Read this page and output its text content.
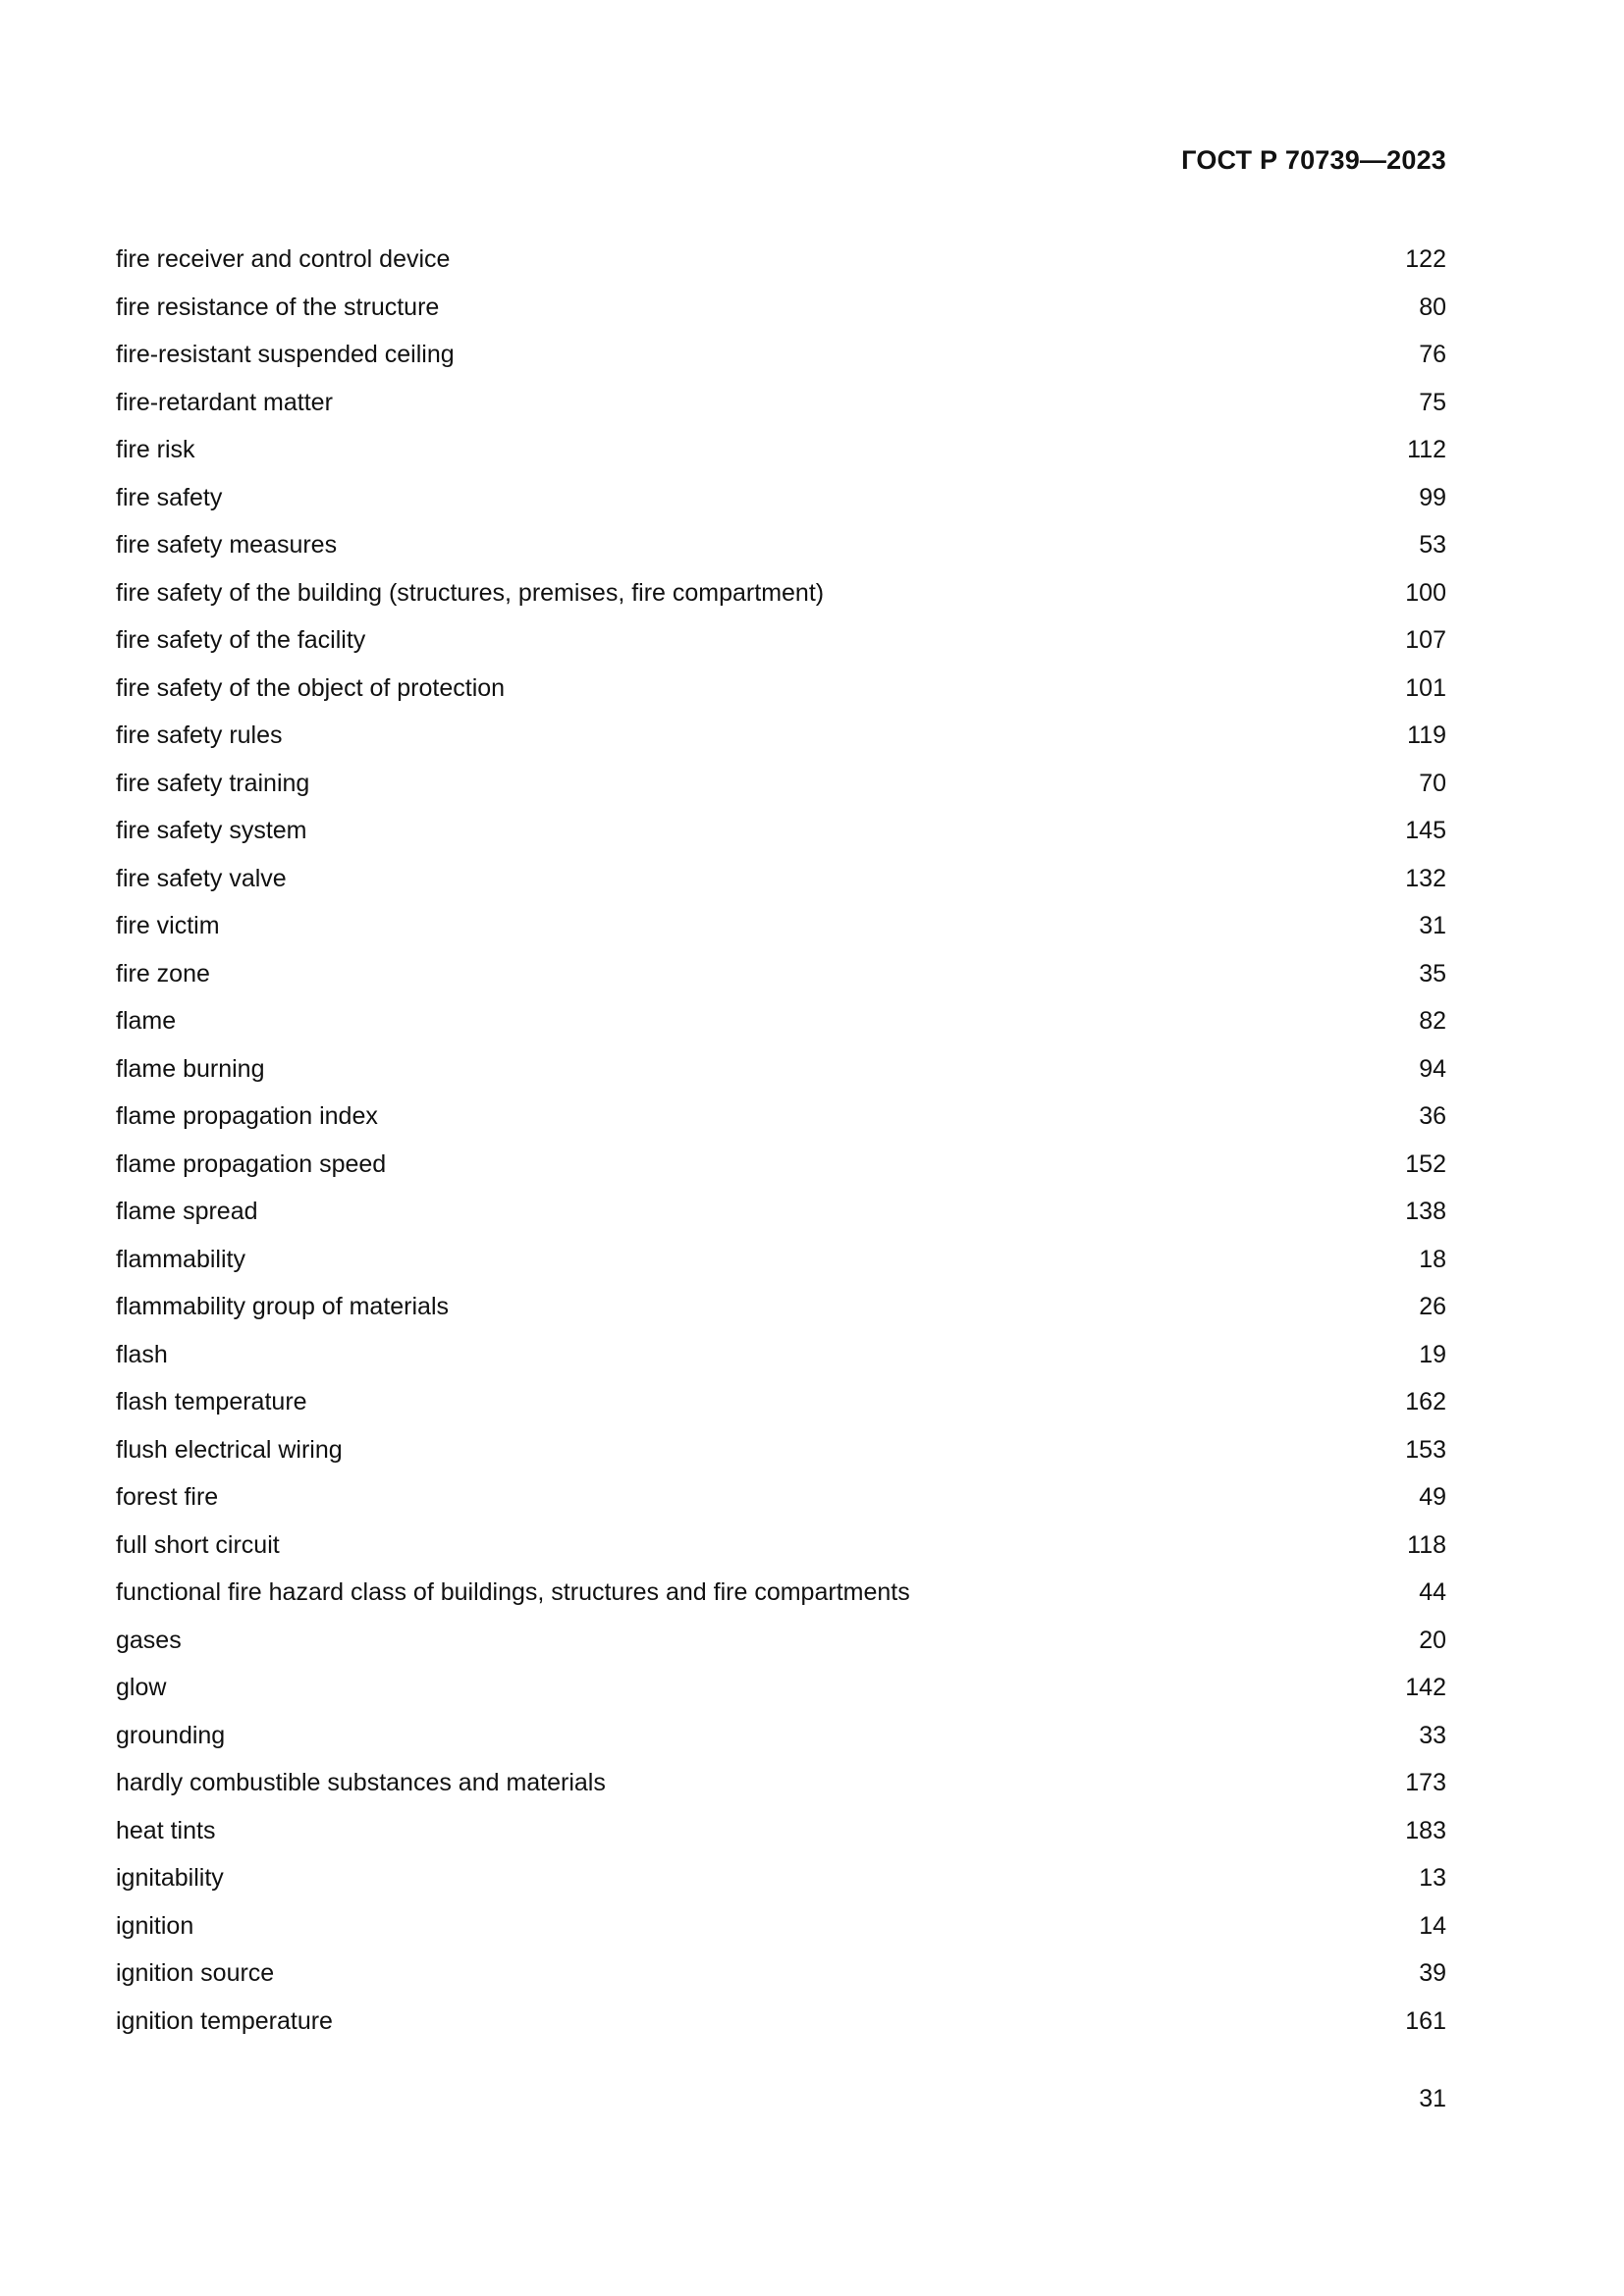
ГОСТ Р 70739—2023
fire receiver and control device	122
fire resistance of the structure	80
fire-resistant suspended ceiling	76
fire-retardant matter	75
fire risk	112
fire safety	99
fire safety measures	53
fire safety of the building (structures, premises, fire compartment)	100
fire safety of the facility	107
fire safety of the object of protection	101
fire safety rules	119
fire safety training	70
fire safety system	145
fire safety valve	132
fire victim	31
fire zone	35
flame	82
flame burning	94
flame propagation index	36
flame propagation speed	152
flame spread	138
flammability	18
flammability group of materials	26
flash	19
flash temperature	162
flush electrical wiring	153
forest fire	49
full short circuit	118
functional fire hazard class of buildings, structures and fire compartments	44
gases	20
glow	142
grounding	33
hardly combustible substances and materials	173
heat tints	183
ignitability	13
ignition	14
ignition source	39
ignition temperature	161
31
